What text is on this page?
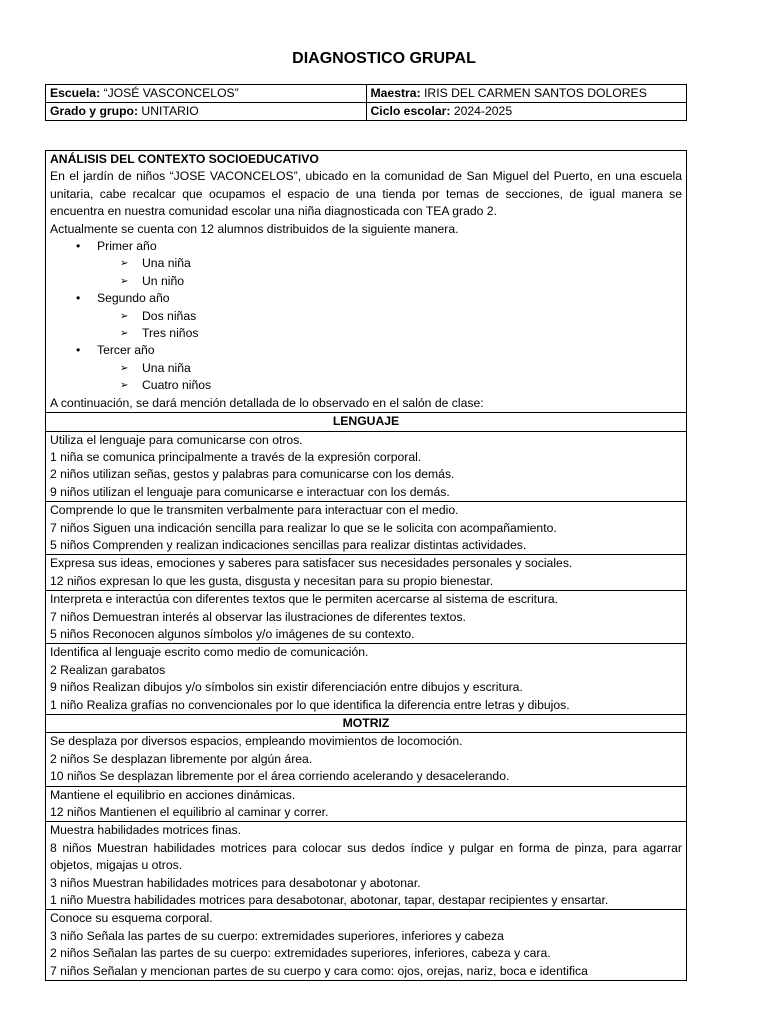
DIAGNOSTICO GRUPAL
Escuela: “JOSÉ VASCONCELOS”	Maestra: IRIS DEL CARMEN SANTOS DOLORES
Grado y grupo: UNITARIO	Ciclo escolar: 2024-2025
ANÁLISIS DEL CONTEXTO SOCIOEDUCATIVO
En el jardín de niños “JOSE VACONCELOS”, ubicado en la comunidad de San Miguel del Puerto, en una escuela unitaria, cabe recalcar que ocupamos el espacio de una tienda por temas de secciones, de igual manera se encuentra en nuestra comunidad escolar una niña diagnosticada con TEA grado 2.
Actualmente se cuenta con 12 alumnos distribuidos de la siguiente manera.
• Primer año
➢ Una niña
➢ Un niño
• Segundo año
➢ Dos niñas
➢ Tres niños
• Tercer año
➢ Una niña
➢ Cuatro niños
A continuación, se dará mención detallada de lo observado en el salón de clase:

LENGUAJE

Utiliza el lenguaje para comunicarse con otros.
1 niña se comunica principalmente a través de la expresión corporal.
2 niños utilizan señas, gestos y palabras para comunicarse con los demás.
9 niños utilizan el lenguaje para comunicarse e interactuar con los demás.

Comprende lo que le transmiten verbalmente para interactuar con el medio.
7 niños Siguen una indicación sencilla para realizar lo que se le solicita con acompañamiento.
5 niños Comprenden y realizan indicaciones sencillas para realizar distintas actividades.

Expresa sus ideas, emociones y saberes para satisfacer sus necesidades personales y sociales.
12 niños expresan lo que les gusta, disgusta y necesitan para su propio bienestar.

Interpreta e interactúa con diferentes textos que le permiten acercarse al sistema de escritura.
7 niños Demuestran interés al observar las ilustraciones de diferentes textos.
5 niños Reconocen algunos símbolos y/o imágenes de su contexto.

Identifica al lenguaje escrito como medio de comunicación.
2 Realizan garabatos
9 niños Realizan dibujos y/o símbolos sin existir diferenciación entre dibujos y escritura.
1 niño Realiza grafías no convencionales por lo que identifica la diferencia entre letras y dibujos.

MOTRIZ

Se desplaza por diversos espacios, empleando movimientos de locomoción.
2 niños Se desplazan libremente por algún área.
10 niños Se desplazan libremente por el área corriendo acelerando y desacelerando.

Mantiene el equilibrio en acciones dinámicas.
12 niños Mantienen el equilibrio al caminar y correr.

Muestra habilidades motrices finas.
8 niños Muestran habilidades motrices para colocar sus dedos índice y pulgar en forma de pinza, para agarrar objetos, migajas u otros.
3 niños Muestran habilidades motrices para desabotonar y abotonar.
1 niño Muestra habilidades motrices para desabotonar, abotonar, tapar, destapar recipientes y ensartar.

Conoce su esquema corporal.
3 niño Señala las partes de su cuerpo: extremidades superiores, inferiores y cabeza
2 niños Señalan las partes de su cuerpo: extremidades superiores, inferiores, cabeza y cara.
7 niños Señalan y mencionan partes de su cuerpo y cara como: ojos, orejas, nariz, boca e identifica
